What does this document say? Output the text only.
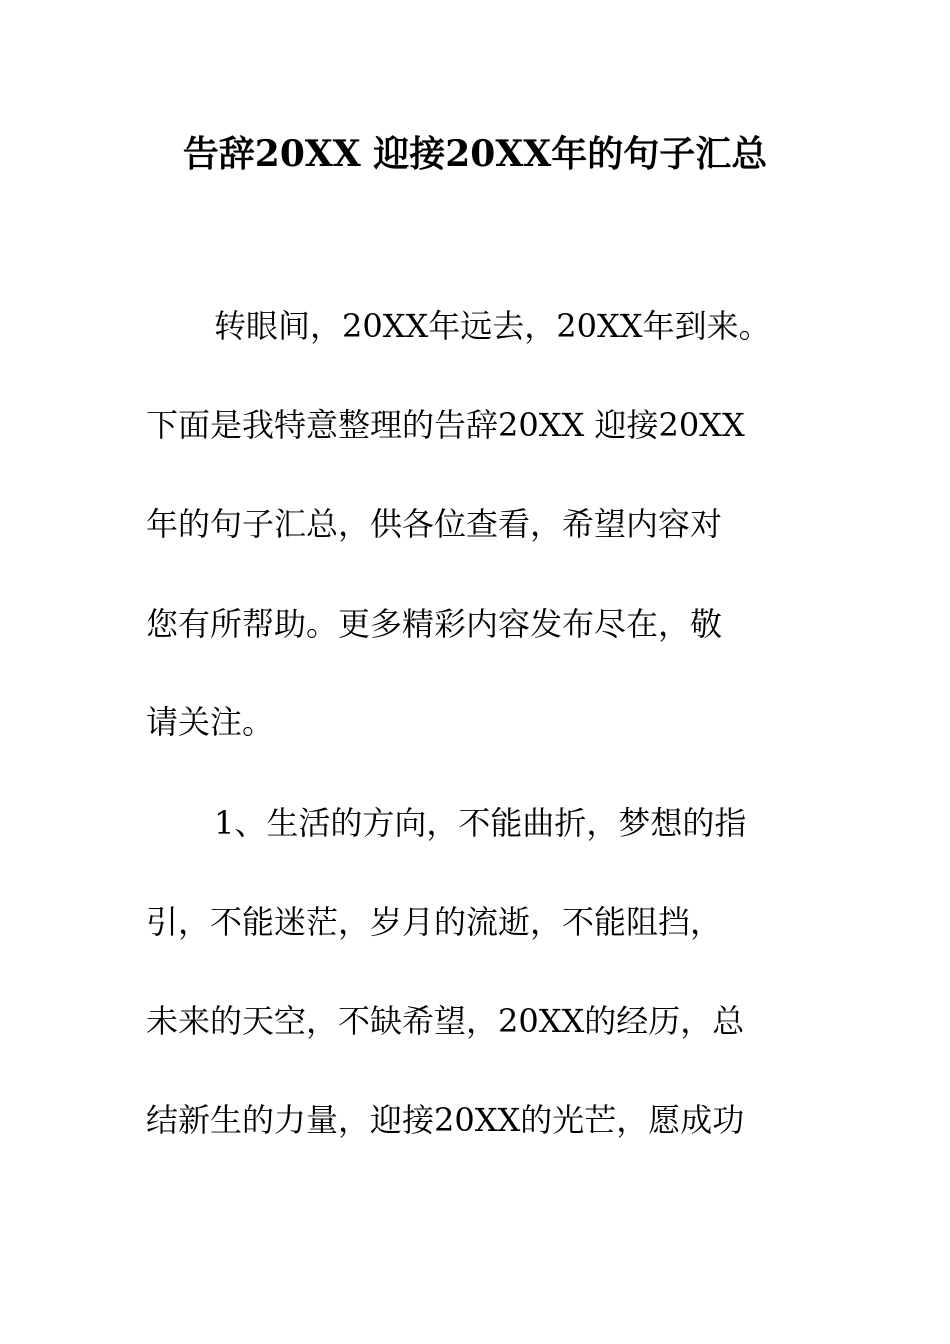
告辞20XX 迎接20XX年的句子汇总
转眼间，20XX年远去，20XX年到来。
下面是我特意整理的告辞20XX 迎接20XX
年的句子汇总，供各位查看，希望内容对
您有所帮助。更多精彩内容发布尽在，敬
请关注。
1、生活的方向，不能曲折，梦想的指
引，不能迷茫，岁月的流逝，不能阻挡，
未来的天空，不缺希望，20XX的经历，总
结新生的力量，迎接20XX的光芒，愿成功
